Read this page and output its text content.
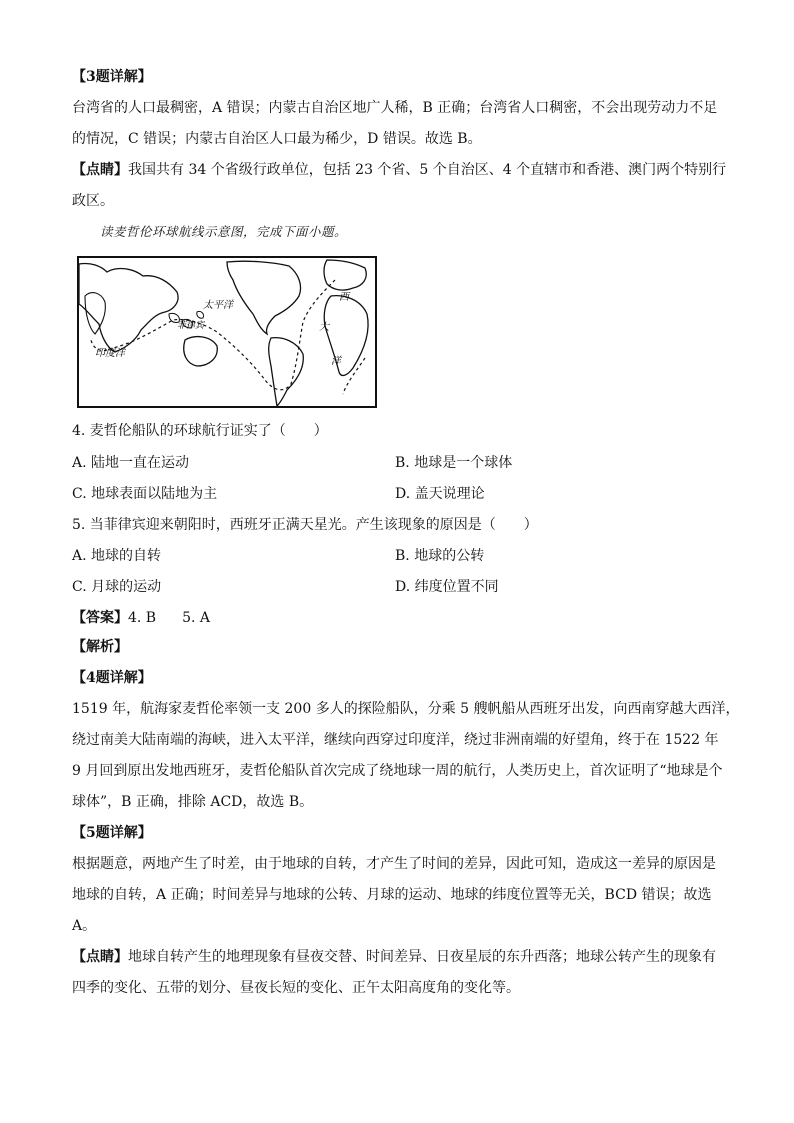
【3题详解】
台湾省的人口最稠密，A 错误；内蒙古自治区地广人稀，B 正确；台湾省人口稠密，不会出现劳动力不足
的情况，C 错误；内蒙古自治区人口最为稀少，D 错误。故选 B。
【点睛】我国共有 34 个省级行政单位，包括 23 个省、5 个自治区、4 个直辖市和香港、澳门两个特别行
政区。
读麦哲伦环球航线示意图，完成下面小题。
太平洋
菲律宾
印度洋
大
西
洋
4. 麦哲伦船队的环球航行证实了（　　）
A. 陆地一直在运动	B. 地球是一个球体
C. 地球表面以陆地为主	D. 盖天说理论
5. 当菲律宾迎来朝阳时，西班牙正满天星光。产生该现象的原因是（　　）
A. 地球的自转	B. 地球的公转
C. 月球的运动	D. 纬度位置不同
【答案】4. B 5. A
【解析】
【4题详解】
1519 年，航海家麦哲伦率领一支 200 多人的探险船队，分乘 5 艘帆船从西班牙出发，向西南穿越大西洋，
绕过南美大陆南端的海峡，进入太平洋，继续向西穿过印度洋，绕过非洲南端的好望角，终于在 1522 年
9 月回到原出发地西班牙，麦哲伦船队首次完成了绕地球一周的航行，人类历史上，首次证明了“地球是个
球体”，B 正确，排除 ACD，故选 B。
【5题详解】
根据题意，两地产生了时差，由于地球的自转，才产生了时间的差异，因此可知，造成这一差异的原因是
地球的自转，A 正确；时间差异与地球的公转、月球的运动、地球的纬度位置等无关，BCD 错误；故选
A。
【点睛】地球自转产生的地理现象有昼夜交替、时间差异、日夜星辰的东升西落；地球公转产生的现象有
四季的变化、五带的划分、昼夜长短的变化、正午太阳高度角的变化等。
